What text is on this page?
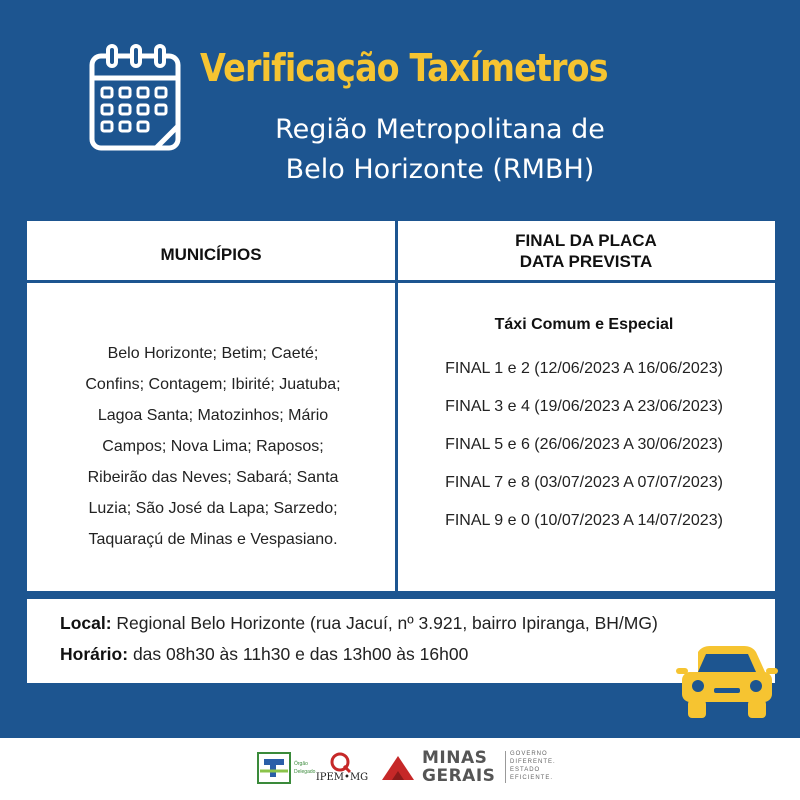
Verificação Taxímetros
Região Metropolitana de
Belo Horizonte (RMBH)
MUNICÍPIOS
FINAL DA PLACA
DATA PREVISTA
Belo Horizonte; Betim; Caeté;
Confins; Contagem; Ibirité; Juatuba;
Lagoa Santa; Matozinhos; Mário
Campos; Nova Lima; Raposos;
Ribeirão das Neves; Sabará; Santa
Luzia; São José da Lapa; Sarzedo;
Taquaraçú de Minas e Vespasiano.
Táxi Comum e Especial
FINAL 1 e 2 (12/06/2023 A 16/06/2023)
FINAL 3 e 4 (19/06/2023 A 23/06/2023)
FINAL 5 e 6 (26/06/2023 A 30/06/2023)
FINAL 7 e 8 (03/07/2023 A 07/07/2023)
FINAL 9 e 0 (10/07/2023 A 14/07/2023)
Local: Regional Belo Horizonte (rua Jacuí, nº 3.921, bairro Ipiranga, BH/MG)
Horário: das 08h30 às 11h30 e das 13h00 às 16h00
Órgão
Delegado IPEM•MG
MINAS
GERAIS
GOVERNO
DIFERENTE.
ESTADO
EFICIENTE.
